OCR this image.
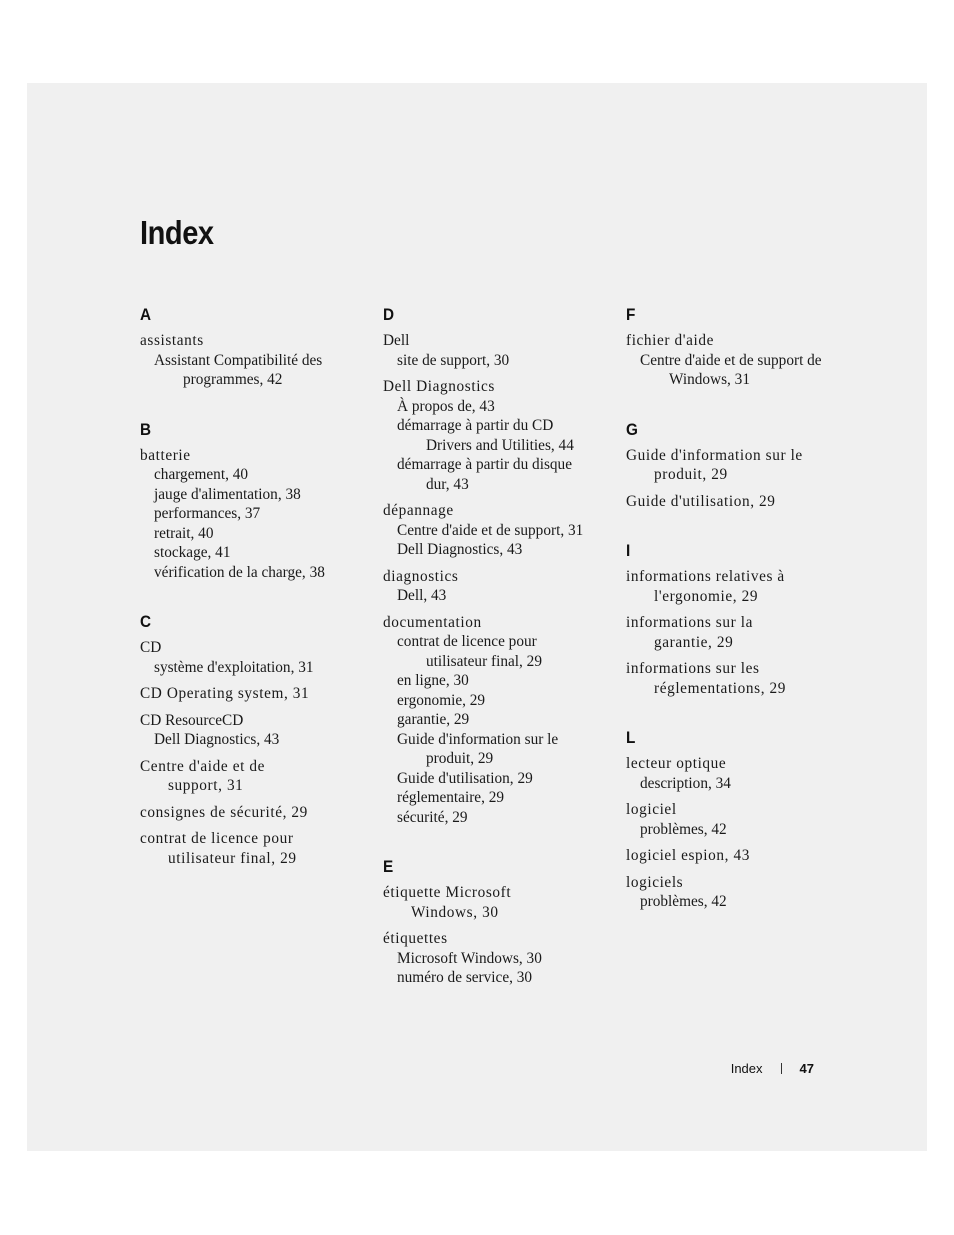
Index
A
assistants
Assistant Compatibilité des
programmes, 42
B
batterie
chargement, 40
jauge d'alimentation, 38
performances, 37
retrait, 40
stockage, 41
vérification de la charge, 38
C
CD
système d'exploitation, 31
CD Operating system, 31
CD ResourceCD
Dell Diagnostics, 43
Centre d'aide et de
support, 31
consignes de sécurité, 29
contrat de licence pour
utilisateur final, 29
D
Dell
site de support, 30
Dell Diagnostics
À propos de, 43
démarrage à partir du CD
Drivers and Utilities, 44
démarrage à partir du disque
dur, 43
dépannage
Centre d'aide et de support, 31
Dell Diagnostics, 43
diagnostics
Dell, 43
documentation
contrat de licence pour
utilisateur final, 29
en ligne, 30
ergonomie, 29
garantie, 29
Guide d'information sur le
produit, 29
Guide d'utilisation, 29
réglementaire, 29
sécurité, 29
E
étiquette Microsoft
Windows, 30
étiquettes
Microsoft Windows, 30
numéro de service, 30
F
fichier d'aide
Centre d'aide et de support de
Windows, 31
G
Guide d'information sur le
produit, 29
Guide d'utilisation, 29
I
informations relatives à
l'ergonomie, 29
informations sur la
garantie, 29
informations sur les
réglementations, 29
L
lecteur optique
description, 34
logiciel
problèmes, 42
logiciel espion, 43
logiciels
problèmes, 42
Index	47
